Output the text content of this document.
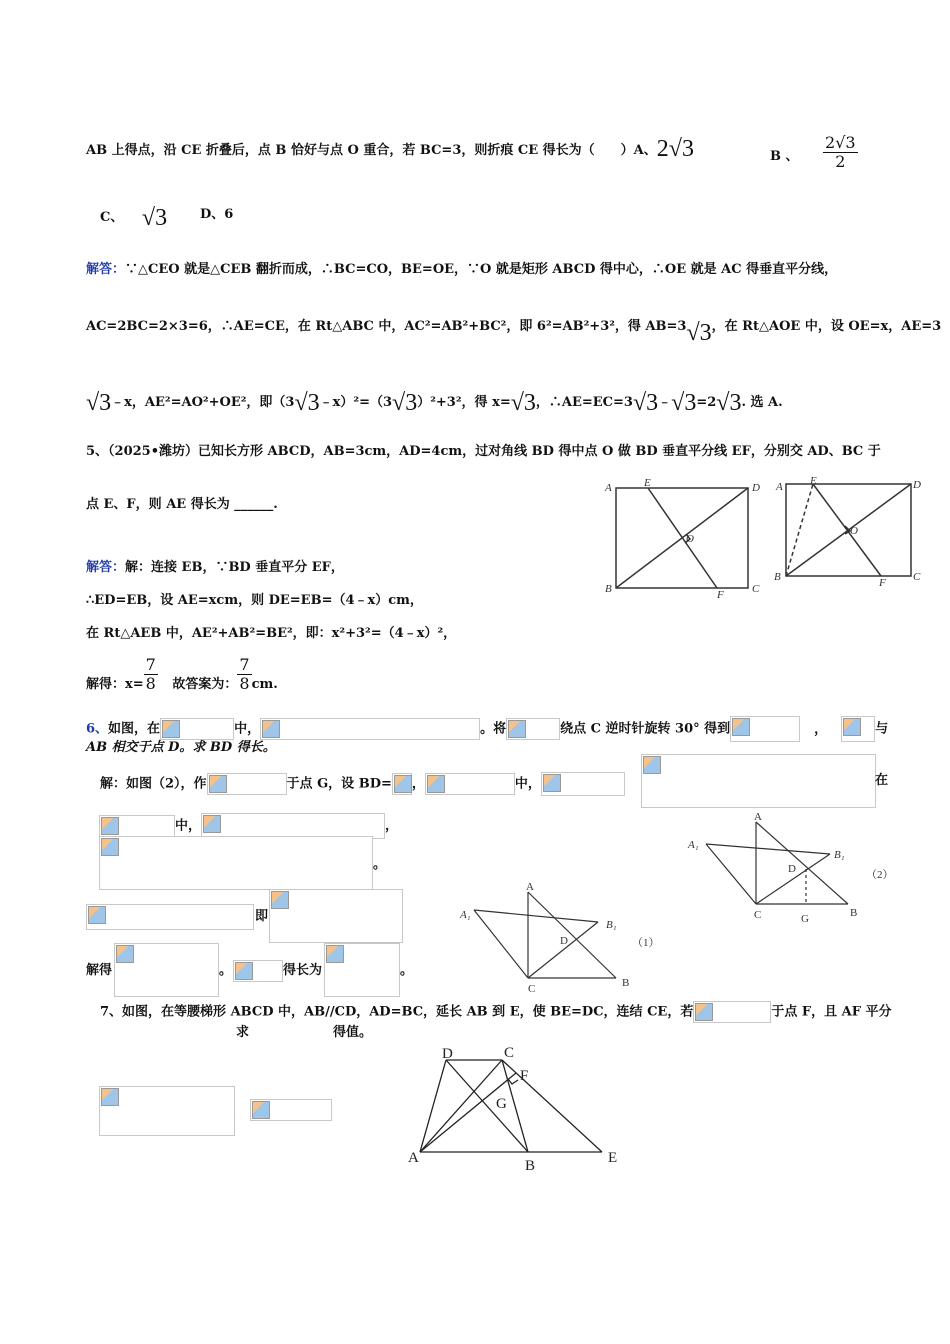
AB 上得点，沿 CE 折叠后，点 B 恰好与点 O 重合，若 BC=3，则折痕 CE 得长为（　　）A、2√3	B 、 $\frac{2√3}{2}$
C、 √3	D、6
解答：∵△CEO 就是△CEB 翻折而成，∴BC=CO，BE=OE，∵O 就是矩形 ABCD 得中心，∴OE 就是 AC 得垂直平分线，
AC=2BC=2×3=6，∴AE=CE，在 Rt△ABC 中，AC²=AB²+BC²，即 6²=AB²+3²，得 AB=3√3，在 Rt△AOE 中，设 OE=x，AE=3
√3﹣x，AE²=AO²+OE²，即（3√3﹣x）²=（3√3）²+3²，得 x=√3，∴AE=EC=3√3﹣√3=2√3. 选 A.
5、（2025•潍坊）已知长方形 ABCD，AB=3cm，AD=4cm，过对角线 BD 得中点 O 做 BD 垂直平分线 EF，分别交 AD、BC 于
点 E、F，则 AE 得长为 ______.
A	E	D
O
B	F	C
A E	D
O
B	F C
解答：解：连接 EB，∵BD 垂直平分 EF，
∴ED=EB，设 AE=xcm，则 DE=EB=（4﹣x）cm，
在 Rt△AEB 中，AE²+AB²=BE²，即：x²+3²=（4﹣x）²，
解得：$x= \frac{7}{8}$ 故答案为： $\frac{7}{8}$ cm.
6、如图，在	中，	。将	绕点 C 逆时针旋转 30° 得到	，	与
AB 相交于点 D。求 BD 得长。
解：如图（2），作	于点 G，设 BD= ，	中，	在
中，	，
。
即
解得	。	得长为	。
A
B
C
D
A₁
B₁
（1）
A
B
C
D
A₁
B₁
G
（2）
7、如图，在等腰梯形 ABCD 中，AB//CD，AD=BC，延长 AB 到 E，使 BE=DC，连结 CE，若	于点 F，且 AF 平分
求	得值。
D	C
F
G
A	B	E
